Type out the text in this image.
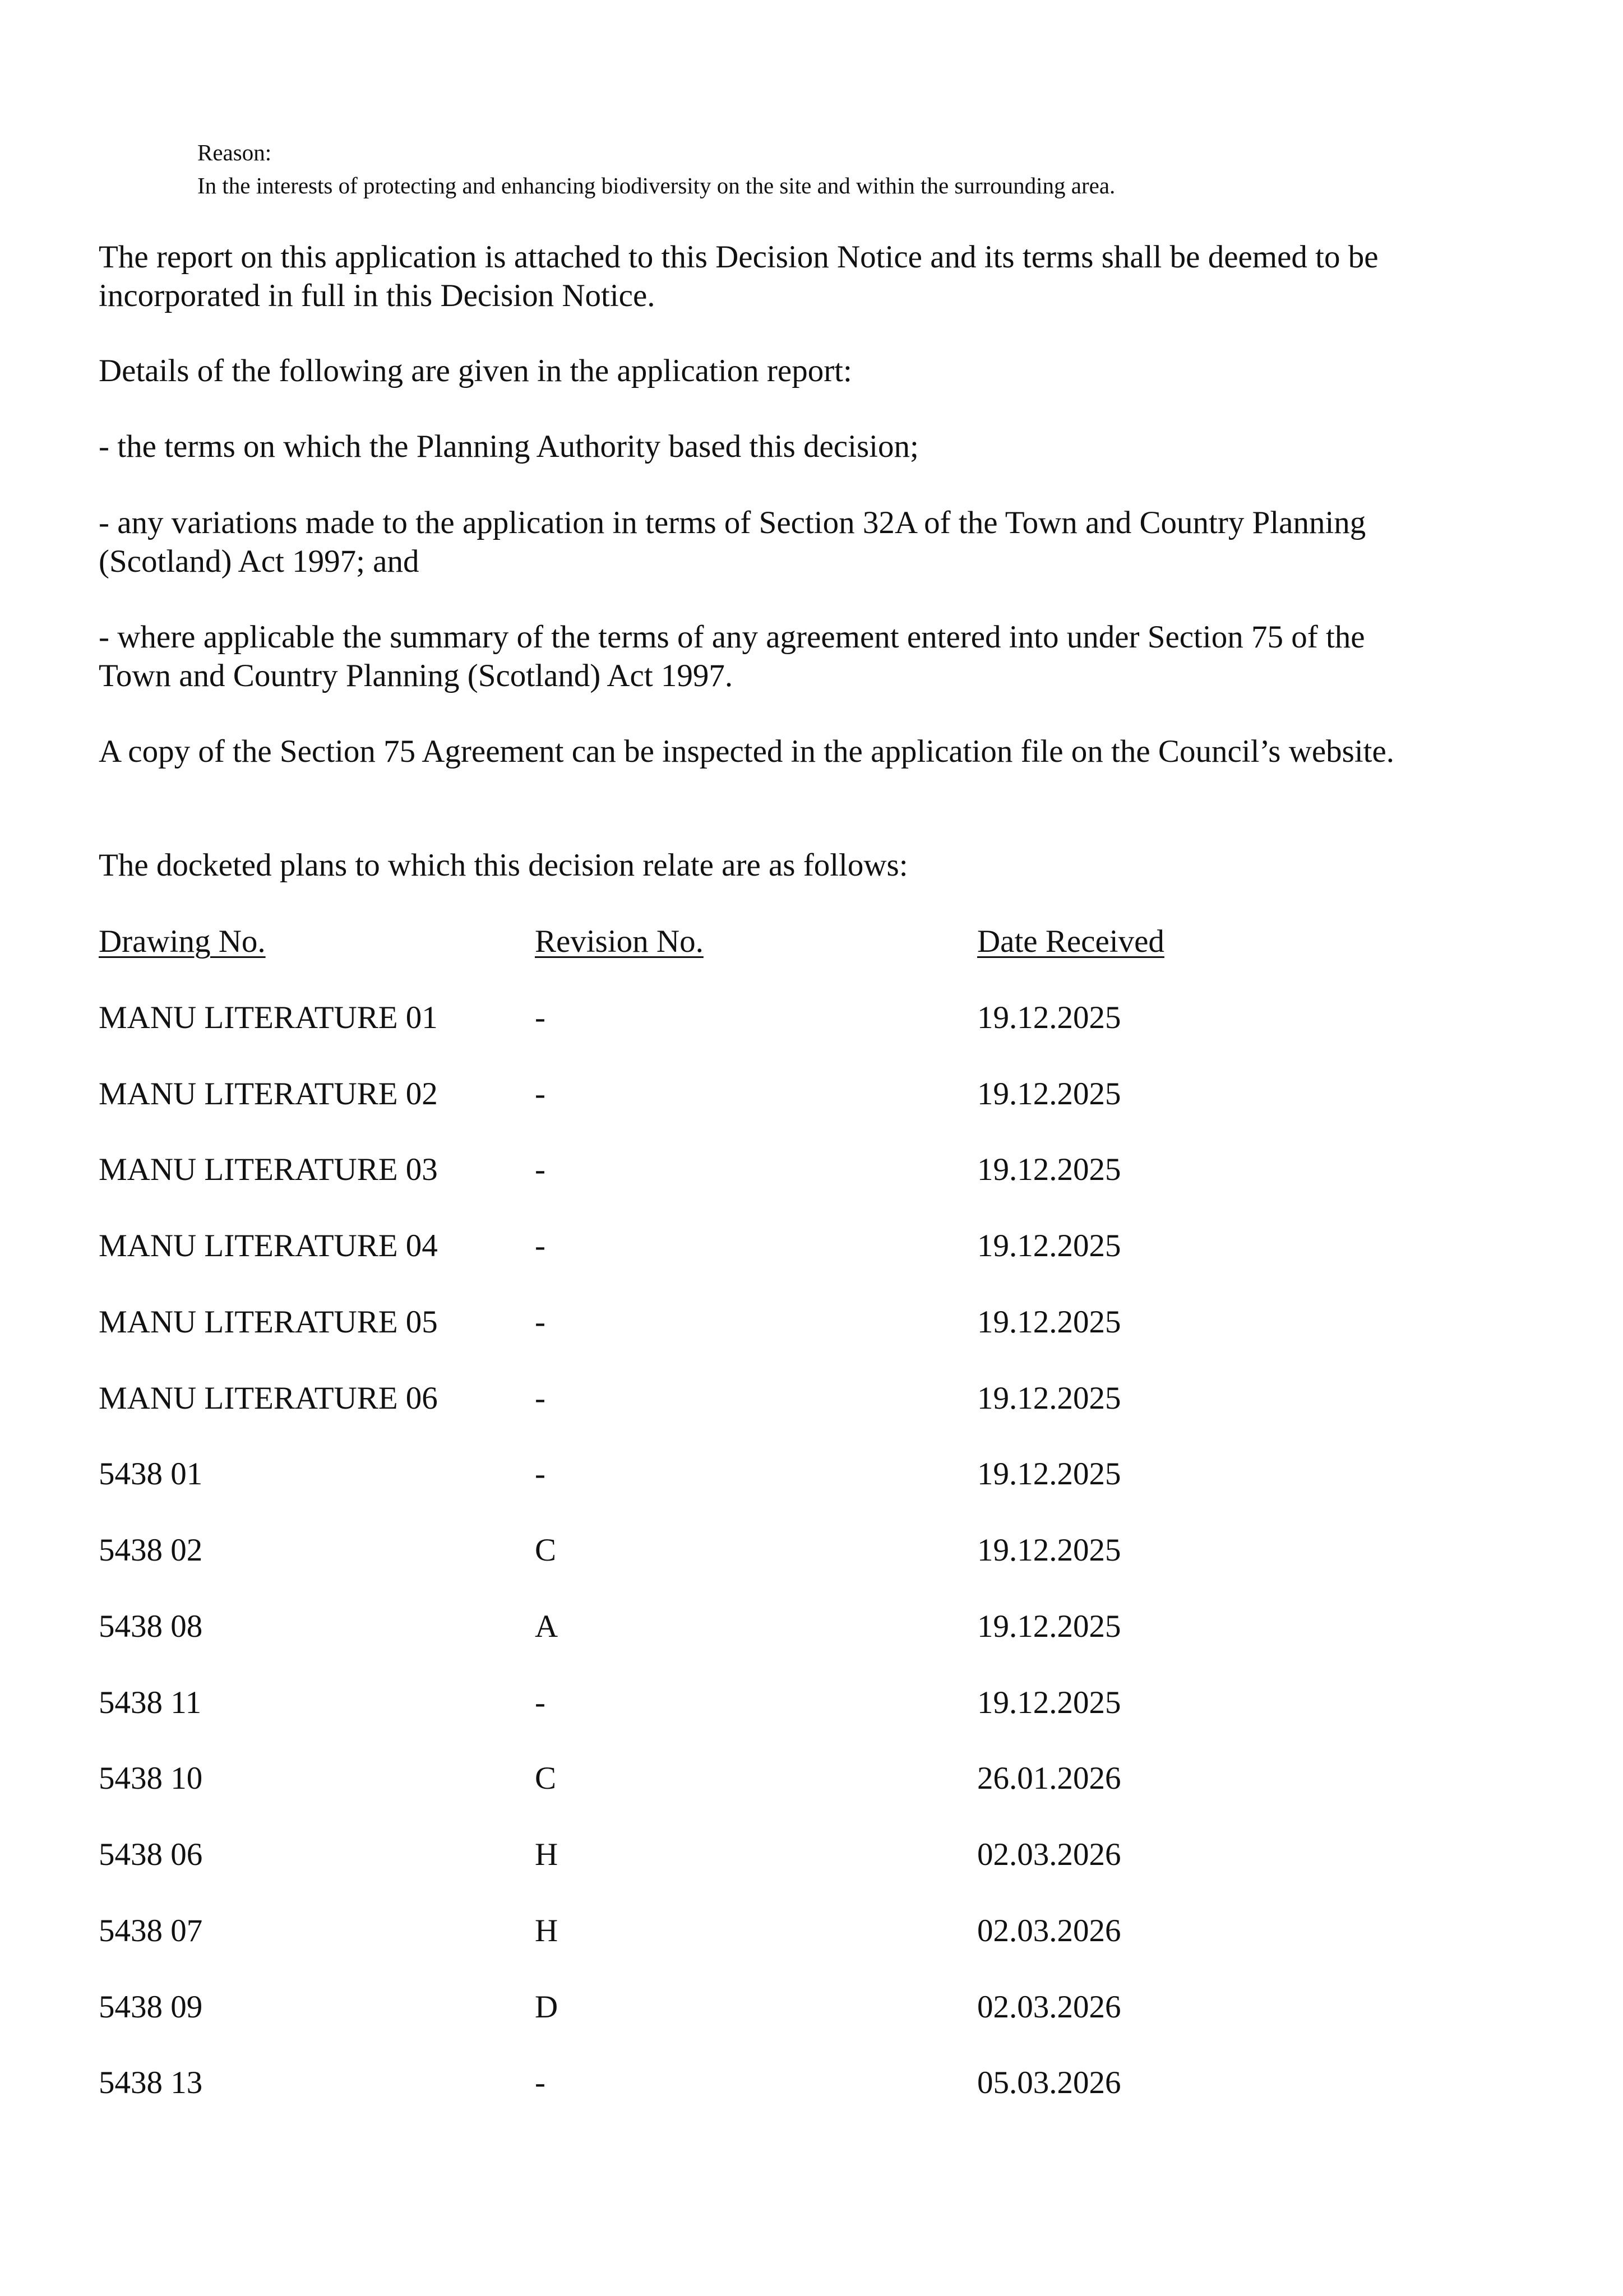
Reason:

In the interests of protecting and enhancing biodiversity on the site and within the surrounding area.

The report on this application is attached to this Decision Notice and its terms shall be deemed to be incorporated in full in this Decision Notice.

Details of the following are given in the application report:

- the terms on which the Planning Authority based this decision;

- any variations made to the application in terms of Section 32A of the Town and Country Planning (Scotland) Act 1997; and

- where applicable the summary of the terms of any agreement entered into under Section 75 of the Town and Country Planning (Scotland) Act 1997.

A copy of the Section 75 Agreement can be inspected in the application file on the Council’s website.

The docketed plans to which this decision relate are as follows:

Drawing No.	Revision No.	Date Received
MANU LITERATURE 01	-	19.12.2025
MANU LITERATURE 02	-	19.12.2025
MANU LITERATURE 03	-	19.12.2025
MANU LITERATURE 04	-	19.12.2025
MANU LITERATURE 05	-	19.12.2025
MANU LITERATURE 06	-	19.12.2025
5438 01	-	19.12.2025
5438 02	C	19.12.2025
5438 08	A	19.12.2025
5438 11	-	19.12.2025
5438 10	C	26.01.2026
5438 06	H	02.03.2026
5438 07	H	02.03.2026
5438 09	D	02.03.2026
5438 13	-	05.03.2026
